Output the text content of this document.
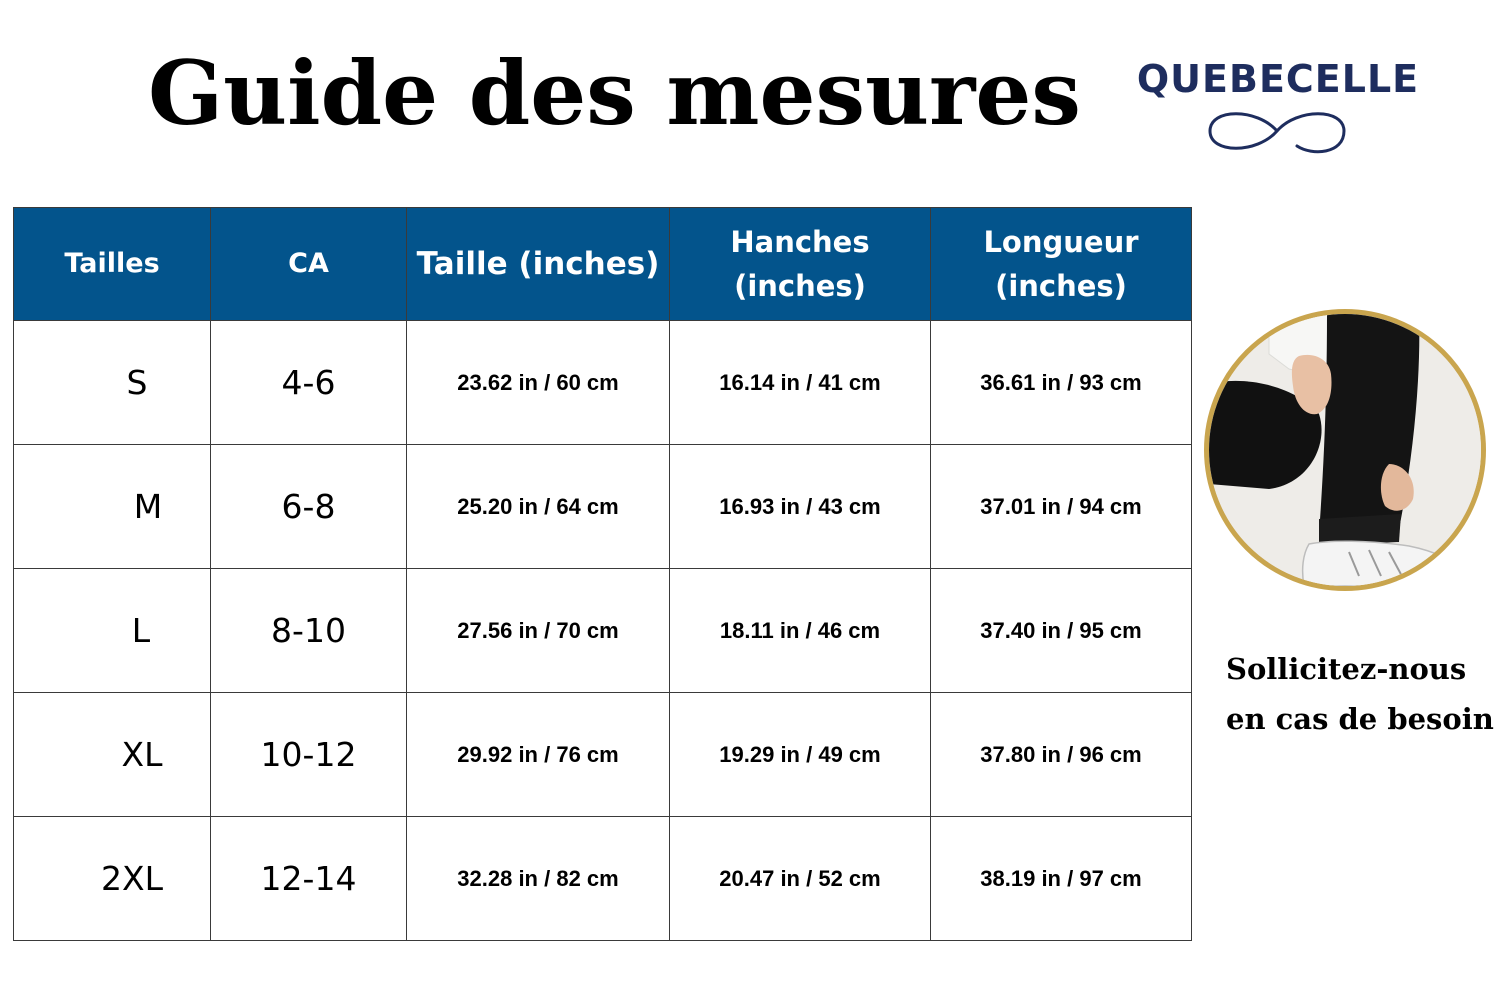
Guide des mesures QUEBECELLE
Tailles	CA	Taille (inches)	Hanches (inches)	Longueur (inches)
S	4-6	23.62 in / 60 cm	16.14 in / 41 cm	36.61 in / 93 cm
M	6-8	25.20 in / 64 cm	16.93 in / 43 cm	37.01 in / 94 cm
L	8-10	27.56 in / 70 cm	18.11 in / 46 cm	37.40 in / 95 cm
XL	10-12	29.92 in / 76 cm	19.29 in / 49 cm	37.80 in / 96 cm
2XL	12-14	32.28 in / 82 cm	20.47 in / 52 cm	38.19 in / 97 cm
Sollicitez-nous
en cas de besoin
